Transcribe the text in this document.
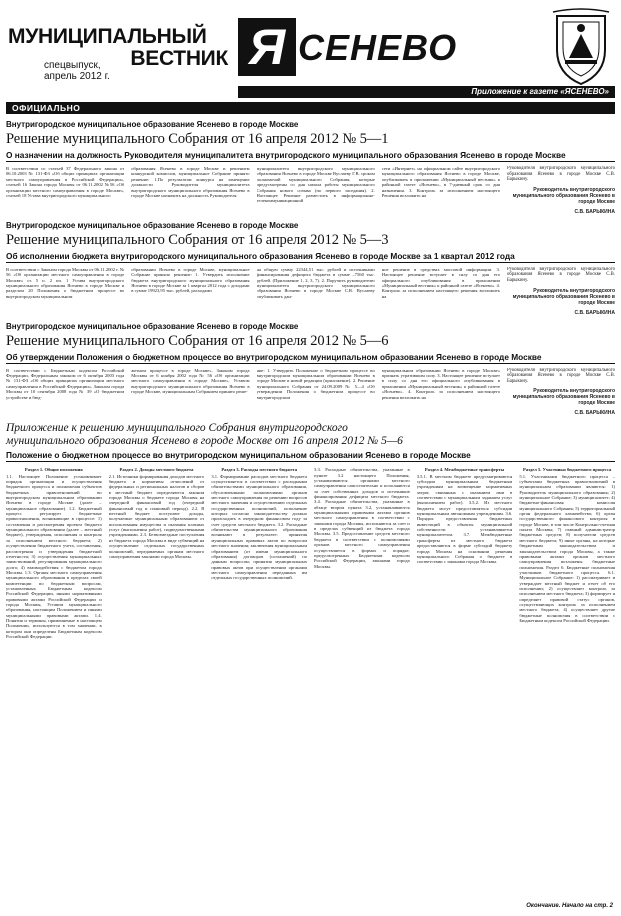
МУНИЦИПАЛЬНЫЙ
ВЕСТНИК
спецвыпуск,
апрель 2012 г.
Я СЕНЕВО
Приложение к газете «ЯСЕНЕВО»
ОФИЦИАЛЬНО
Внутригородское муниципальное образование Ясенево в городе Москве
Решение муниципального Собрания от 16 апреля 2012 № 5—1
О назначении на должность Руководителя муниципалитета внутригородского муниципального образования Ясенево в городе Москве
В соответствии со статьей 37 Федерального закона от 06.10.2003 № 131-ФЗ «Об общих принципах организации местного самоуправления в Российской Федерации», статьей 16 Закона города Москвы от 06.11.2002 №56 «Об организации местного самоуправления в городе Москве», статьей 18 Устава внутригородского муниципального
образования Ясенево в городе Москве и решением конкурсной комиссии, муниципальное Собрание принято решение: 1.По результатам конкурса на замещение должности Руководителя муниципалитета внутригородского муниципального образования Ясенево в городе Москве назначить на должность Руководителя
муниципалитета внутригородского муниципального образования Ясенево в городе Москве Вуслаеву Г.В. сроком полномочий муниципального Собрания, которые предусмотрены со дня начала работы муниципального Собрания нового созыва (по первого заседания). 2. Настоящее Решение разместить в информационно-телекоммуникационной
сети «Интернет» на официальном сайте внутригородского муниципального образования Ясенево в городе Москве, опубликовать в приложении «Муниципальный вестник» к районной газете «Ясенево», в 7-дневный срок со дня назначения. 3. Контроль за исполнением настоящего Решения возложить на
Руководителя внутригородского муниципального образования Ясенево в городе Москве С.В. Барыкину.
Руководитель внутригородского муниципального образования Ясенево в городе Москве
С.В. БАРЫКИНА
Внутригородское муниципальное образование Ясенево в городе Москве
Решение муниципального Собрания от 16 апреля 2012 № 5—3
Об исполнении бюджета внутригородского муниципального образования Ясенево в городе Москве за 1 квартал 2012 года
В соответствии с Законом города Москвы от 06.11.2002 г. № 56 «Об организации местного самоуправления в городе Москве» ст. 5 п. 2 пп. 1 Устава внутригородского муниципального образования Ясенево в городе Москве и разделом 20 Положения о бюджетном процессе во внутригородском муниципальном
образовании Ясенево в городе Москве, муниципальное Собрание приняло решение: 1. Утвердить исполнение бюджета внутригородского муниципального образования Ясенево в городе Москве за 1 квартал 2012 года с доходами в сумме 19923,95 тыс. рублей, расходами
на общую сумму 22344,51 тыс. рублей и источниками финансирования дефицита бюджета в сумме –7560 тыс. рублей. (Приложение 1, 2, 3, 7). 2. Поручить руководителю муниципалитета внутригородского муниципального образования Ясенево в городе Москве С.В. Вуслаеву опубликовать дан-
ное решение в средствах массовой информации. 3. Настоящее решение вступает в силу со дня его официального опубликования в приложении «Муниципальный вестник» к районной газете «Ясенево». 4. Контроль за исполнением настоящего решения возложить на
Руководителя внутригородского муниципального образования Ясенево в городе Москве С.В. Барыкину.
Руководитель внутригородского муниципального образования Ясенево в городе Москве
С.В. БАРЫКИНА
Внутригородское муниципальное образование Ясенево в городе Москве
Решение муниципального Собрания от 16 апреля 2012 № 5—6
Об утверждении Положения о бюджетном процессе во внутригородском муниципальном образовании Ясенево в городе Москве
В соответствии с Бюджетным кодексом Российской Федерации, Федеральным законом от 6 октября 2003 года № 131-ФЗ «Об общих принципах организации местного самоуправления в Российской Федерации», Законом города Москвы от 10 сентября 2008 года № 39 «О бюджетном устройстве и бюд-
жетном процессе в городе Москве», Законом города Москвы от 6 ноября 2002 года № 56 «Об организации местного самоуправления в городе Москве», Уставом внутригородского муниципального образования Ясенево в городе Москве, муниципальным Собранием принято реше-
ние: 1. Утвердить Положение о бюджетном процессе во внутригородском муниципальном образовании Ясенево в городе Москве в новой редакции (приложение). 2. Решение муниципального Собрания от 24.09.2009 № 5—4 «Об утверждении Положения о бюджетном процессе во внутригородском
муниципальном образовании Ясенево в городе Москве» признать утратившим силу. 3. Настоящее решение вступает в силу со дня его официального опубликования в приложении «Муниципальный вестник» к районной газете «Ясенево». 4. Контроль за исполнением настоящего решения возложить на
Руководителя внутригородского муниципального образования Ясенево в городе Москве С.В. Барыкину.
Руководитель внутригородского муниципального образования Ясенево в городе Москве
С.В. БАРЫКИНА
Приложение к решению муниципального Собрания внутригородского
муниципального образования Ясенево в городе Москве от 16 апреля 2012 № 5—6
Положение о бюджетном процессе во внутригородском муниципальном образовании Ясенево в городе Москве
Раздел 1. Общие положения
1.1. Настоящее Положение устанавливает порядок организации и осуществления бюджетного процесса и полномочия субъектов бюджетных правоотношений во внутригородском муниципальном образовании Ясенево в городе Москве (далее – муниципальное образование). 1.2. Бюджетный процесс регулирует бюджетные правоотношения, возникающие в процессе: 1) составления и рассмотрения проекта бюджета муниципального образования (далее – местный бюджет), утверждения, исполнения и контроля за исполнением местного бюджета; 2) осуществления бюджетного учета, составления, рассмотрения и утверждения бюджетной отчетности; 3) осуществления муниципальных заимствований, регулирования муниципального долга; 4) взаимодействия с бюджетом города Москвы. 1.3. Органы местного самоуправления муниципального образования в пределах своей компетенции по бюджетным вопросам, установленных Бюджетным кодексом Российской Федерации, иными нормативными правовыми актами Российской Федерации и города Москвы, Уставом муниципального образования, настоящим Положением и иными муниципальными правовыми актами. 1.4. Понятия и термины, применяемые в настоящем Положении, используются в том значении, в котором они определены Бюджетным кодексом Российской Федерации.
Раздел 2. Доходы местного бюджета
2.1. Источники формирования доходов местного бюджета и нормативы отчислений от федеральных и региональных налогов и сборов в местный бюджет определяются законом города Москвы о бюджете города Москвы на очередной финансовый год (очередной финансовый год и плановый период). 2.2. В местный бюджет поступают доходы, получаемые муниципальным образованием от использования имущества и оказания платных услуг (выполнения работ), подведомственными учреждениями. 2.3. Безвозмездные поступления из бюджета города Москвы в виде субвенций на осуществление отдельных государственных полномочий, передаваемых органам местного самоуправления законами города Москвы.
Раздел 3. Расходы местного бюджета
3.1. Формирование расходов местного бюджета осуществляется в соответствии с расходными обязательствами муниципального образования, обусловленными полномочиями органов местного самоуправления по решению вопросов местного значения и осуществлению отдельных государственных полномочий, исполнение которых согласно законодательству должно происходить в очередном финансовом году за счет средств местного бюджета. 3.2. Расходные обязательства муниципального образования возникают в результате: принятия муниципальных правовых актов по вопросам местного значения; заключения муниципальным образованием (от имени муниципального образования) договоров (соглашений) по данным вопросам; принятия муниципальных правовых актов при осуществлении органами местного самоуправления переданных им отдельных государственных полномочий.
3.3. Расходные обязательства, указанные в пункте 3.2 настоящего Положения, устанавливаются органами местного самоуправления самостоятельно и исполняются за счет собственных доходов и источников финансирования дефицита местного бюджета. 3.4. Расходные обязательства, указанные в абзаце втором пункта 3.2, устанавливаются муниципальными правовыми актами органов местного самоуправления в соответствии с законами города Москвы, исполняются за счет и в пределах субвенций из бюджета города Москвы. 3.5. Предоставление средств местного бюджета в соответствии с полномочиями органов местного самоуправления осуществляется в формах и порядке, предусмотренных Бюджетным кодексом Российской Федерации, законами города Москвы.
Раздел 4. Межбюджетные трансферты
3.5.1. В местном бюджете предусматриваются субсидии муниципальным бюджетным учреждениям на возмещение нормативных затрат, связанных с оказанием ими в соответствии с муниципальным заданием услуг (выполнением работ). 3.5.2. Из местного бюджета могут предоставляться субсидии муниципальным автономным учреждениям. 3.6. Порядок предоставления бюджетных инвестиций в объекты муниципальной собственности устанавливается муниципалитетом. 3.7. Межбюджетные трансферты из местного бюджета предоставляются в форме субсидий бюджету города Москвы на основании решения муниципального Собрания о бюджете в соответствии с законами города Москвы.
Раздел 5. Участники бюджетного процесса
5.1. Участниками бюджетного процесса – субъектами бюджетных правоотношений в муниципальном образовании являются: 1) Руководитель муниципального образования; 2) муниципальное Собрание; 3) муниципалитет; 4) бюджетно-финансовая комиссия муниципального Собрания; 5) территориальный орган федерального казначейства; 6) орган государственного финансового контроля в городе Москве, в том числе Контрольно-счетная палата Москвы; 7) главный администратор бюджетных средств; 8) получатели средств местного бюджета; 9) иные органы, на которые бюджетным законодательством и законодательством города Москвы, а также правовыми актами органов местного самоуправления возложены бюджетные полномочия. Раздел 6. Бюджетные полномочия участников бюджетного процесса. 6.1. Муниципальное Собрание: 1) рассматривает и утверждает местный бюджет и отчет об его исполнении; 2) осуществляет контроль за исполнением местного бюджета; 3) формирует и определяет правовой статус органов, осуществляющих контроль за исполнением местного бюджета; 4) осуществляет другие бюджетные полномочия в соответствии с Бюджетным кодексом Российской Федерации.
Окончание. Начало на стр. 2
